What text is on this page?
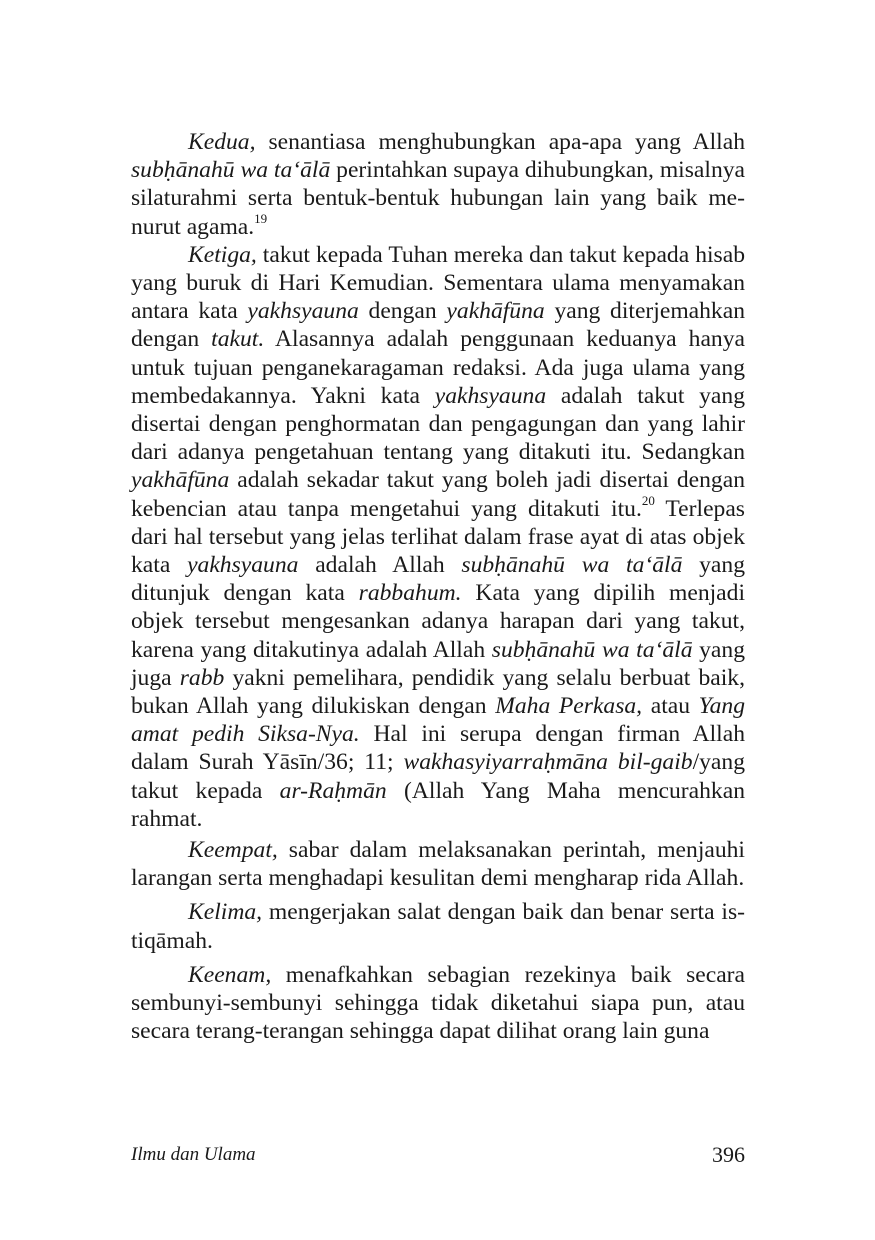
Kedua, senantiasa menghubungkan apa-apa yang Allah subḥānahū wa ta‘ālā perintahkan supaya dihubungkan, misalnya silaturahmi serta bentuk-bentuk hubungan lain yang baik menurut agama.$^{19}$

Ketiga, takut kepada Tuhan mereka dan takut kepada hisab yang buruk di Hari Kemudian. Sementara ulama menyamakan antara kata yakhsyauna dengan yakhāfūna yang diterjemahkan dengan takut. Alasannya adalah penggunaan keduanya hanya untuk tujuan penganekaragaman redaksi. Ada juga ulama yang membedakannya. Yakni kata yakhsyauna adalah takut yang disertai dengan penghormatan dan pengagungan dan yang lahir dari adanya pengetahuan tentang yang ditakuti itu. Sedangkan yakhāfūna adalah sekadar takut yang boleh jadi disertai dengan kebencian atau tanpa mengetahui yang ditakuti itu.$^{20}$ Terlepas dari hal tersebut yang jelas terlihat dalam frase ayat di atas objek kata yakhsyauna adalah Allah subḥānahū wa ta‘ālā yang ditunjuk dengan kata rabbahum. Kata yang dipilih menjadi objek tersebut mengesankan adanya harapan dari yang takut, karena yang ditakutinya adalah Allah subḥānahū wa ta‘ālā yang juga rabb yakni pemelihara, pendidik yang selalu berbuat baik, bukan Allah yang dilukiskan dengan Maha Perkasa, atau Yang amat pedih Siksa-Nya. Hal ini serupa dengan firman Allah dalam Surah Yāsīn/36; 11; wakhasyiyarraḥmāna bil-gaib/yang takut kepada ar-Raḥmān (Allah Yang Maha mencurahkan rahmat.

Keempat, sabar dalam melaksanakan perintah, menjauhi larangan serta menghadapi kesulitan demi mengharap rida Allah.

Kelima, mengerjakan salat dengan baik dan benar serta istiqāmah.

Keenam, menafkahkan sebagian rezekinya baik secara sembunyi-sembunyi sehingga tidak diketahui siapa pun, atau secara terang-terangan sehingga dapat dilihat orang lain guna

Ilmu dan Ulama	396
